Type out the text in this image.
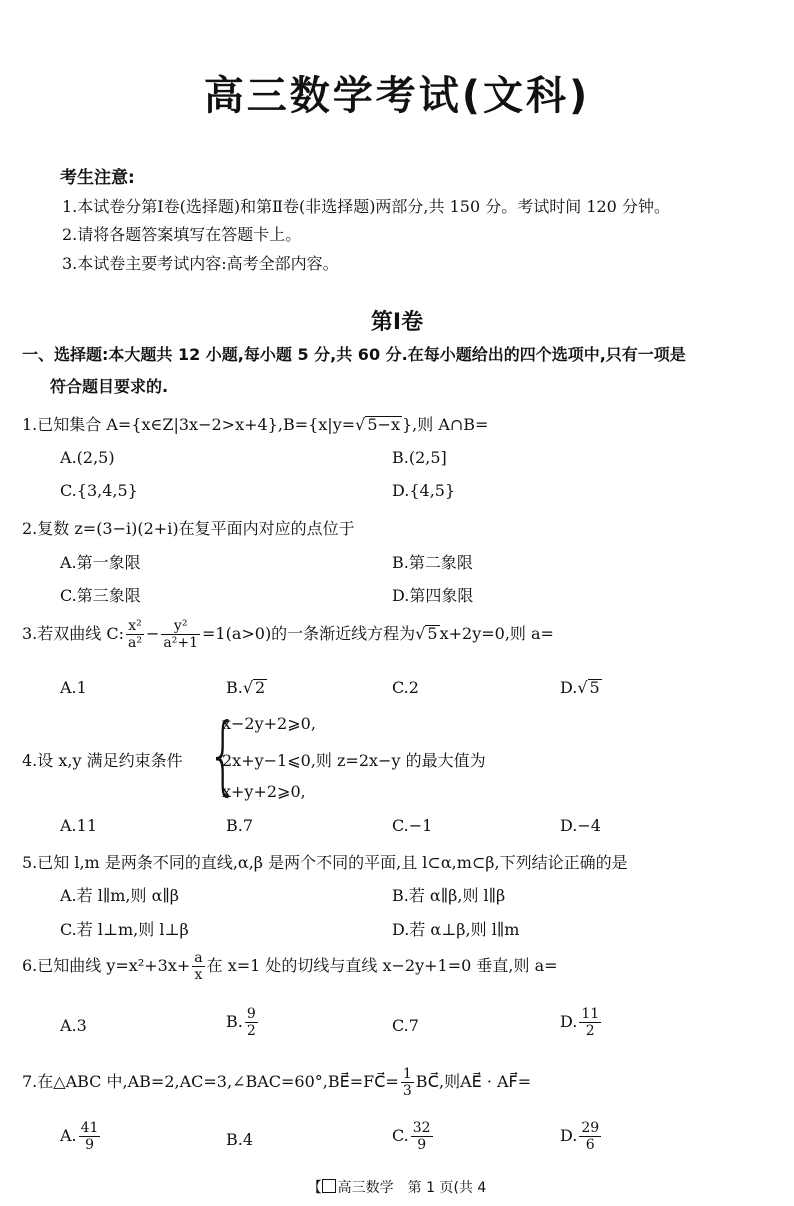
高三数学考试(文科)
考生注意:
1.本试卷分第Ⅰ卷(选择题)和第Ⅱ卷(非选择题)两部分,共 150 分。考试时间 120 分钟。
2.请将各题答案填写在答题卡上。
3.本试卷主要考试内容:高考全部内容。
第Ⅰ卷
一、选择题:本大题共 12 小题,每小题 5 分,共 60 分.在每小题给出的四个选项中,只有一项是
符合题目要求的.
1.已知集合 A={x∈Z|3x−2>x+4},B={x|y=√ 5−x },则 A∩B=
A.(2,5)	B.(2,5]
C.{3,4,5}	D.{4,5}
2.复数 z=(3−i)(2+i)在复平面内对应的点位于
A.第一象限	B.第二象限
C.第三象限	D.第四象限
3.若双曲线 C: $\frac{\text{x²}}{\text{a²}} - \frac{\text{y²}}{\text{a²+1}} =1(a>0)$的一条渐近线方程为√ 5 x+2y=0,则 a=
A.1	B.√ 2	C.2	D.√ 5
4.设 x,y 满足约束条件 {
x−2y+2⩾0,
2x+y−1⩽0,则 z=2x−y 的最大值为
x+y+2⩾0,
A.11	B.7	C.−1	D.−4
5.已知 l,m 是两条不同的直线,α,β 是两个不同的平面,且 l⊂α,m⊂β,下列结论正确的是
A.若 l∥m,则 α∥β	B.若 α∥β,则 l∥β
C.若 l⊥m,则 l⊥β	D.若 α⊥β,则 l∥m
6.已知曲线 $y=x^2+3x+ \frac{a}{x}$ 在 x=1 处的切线与直线 x−2y+1=0 垂直,则 a=
A.3	B. $\frac{9}{2}$	C.7	D. $\frac{11}{2}$
7.在△ABC 中,AB=2,AC=3,∠BAC=60°,BE⃗=FC⃗= $\frac{1}{3}$ BC⃗,则AE⃗ · AF⃗=
A. $\frac{41}{9}$	B.4	C. $\frac{32}{9}$	D. $\frac{29}{6}$
【 高三数学　第 1 页(共 4
